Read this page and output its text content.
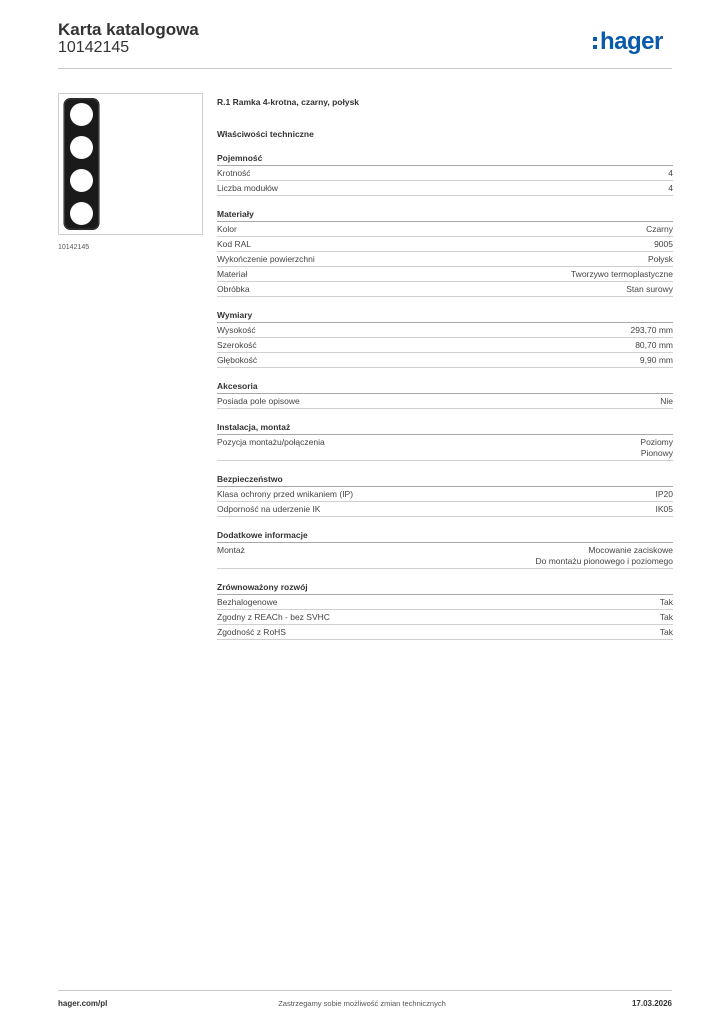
Karta katalogowa
10142145	hager
10142145
R.1 Ramka 4-krotna, czarny, połysk
Właściwości techniczne
Pojemność
Krotność	4
Liczba modułów	4
Materiały
Kolor	Czarny
Kod RAL	9005
Wykończenie powierzchni	Połysk
Materiał	Tworzywo termoplastyczne
Obróbka	Stan surowy
Wymiary
Wysokość	293,70 mm
Szerokość	80,70 mm
Głębokość	9,90 mm
Akcesoria
Posiada pole opisowe	Nie
Instalacja, montaż
Pozycja montażu/połączenia	Poziomy
Pionowy
Bezpieczeństwo
Klasa ochrony przed wnikaniem (IP)	IP20
Odporność na uderzenie IK	IK05
Dodatkowe informacje
Montaż	Mocowanie zaciskowe
Do montażu pionowego i poziomego
Zrównoważony rozwój
Bezhalogenowe	Tak
Zgodny z REACh - bez SVHC	Tak
Zgodność z RoHS	Tak
hager.com/pl	Zastrzegamy sobie możliwość zmian technicznych	17.03.2026
